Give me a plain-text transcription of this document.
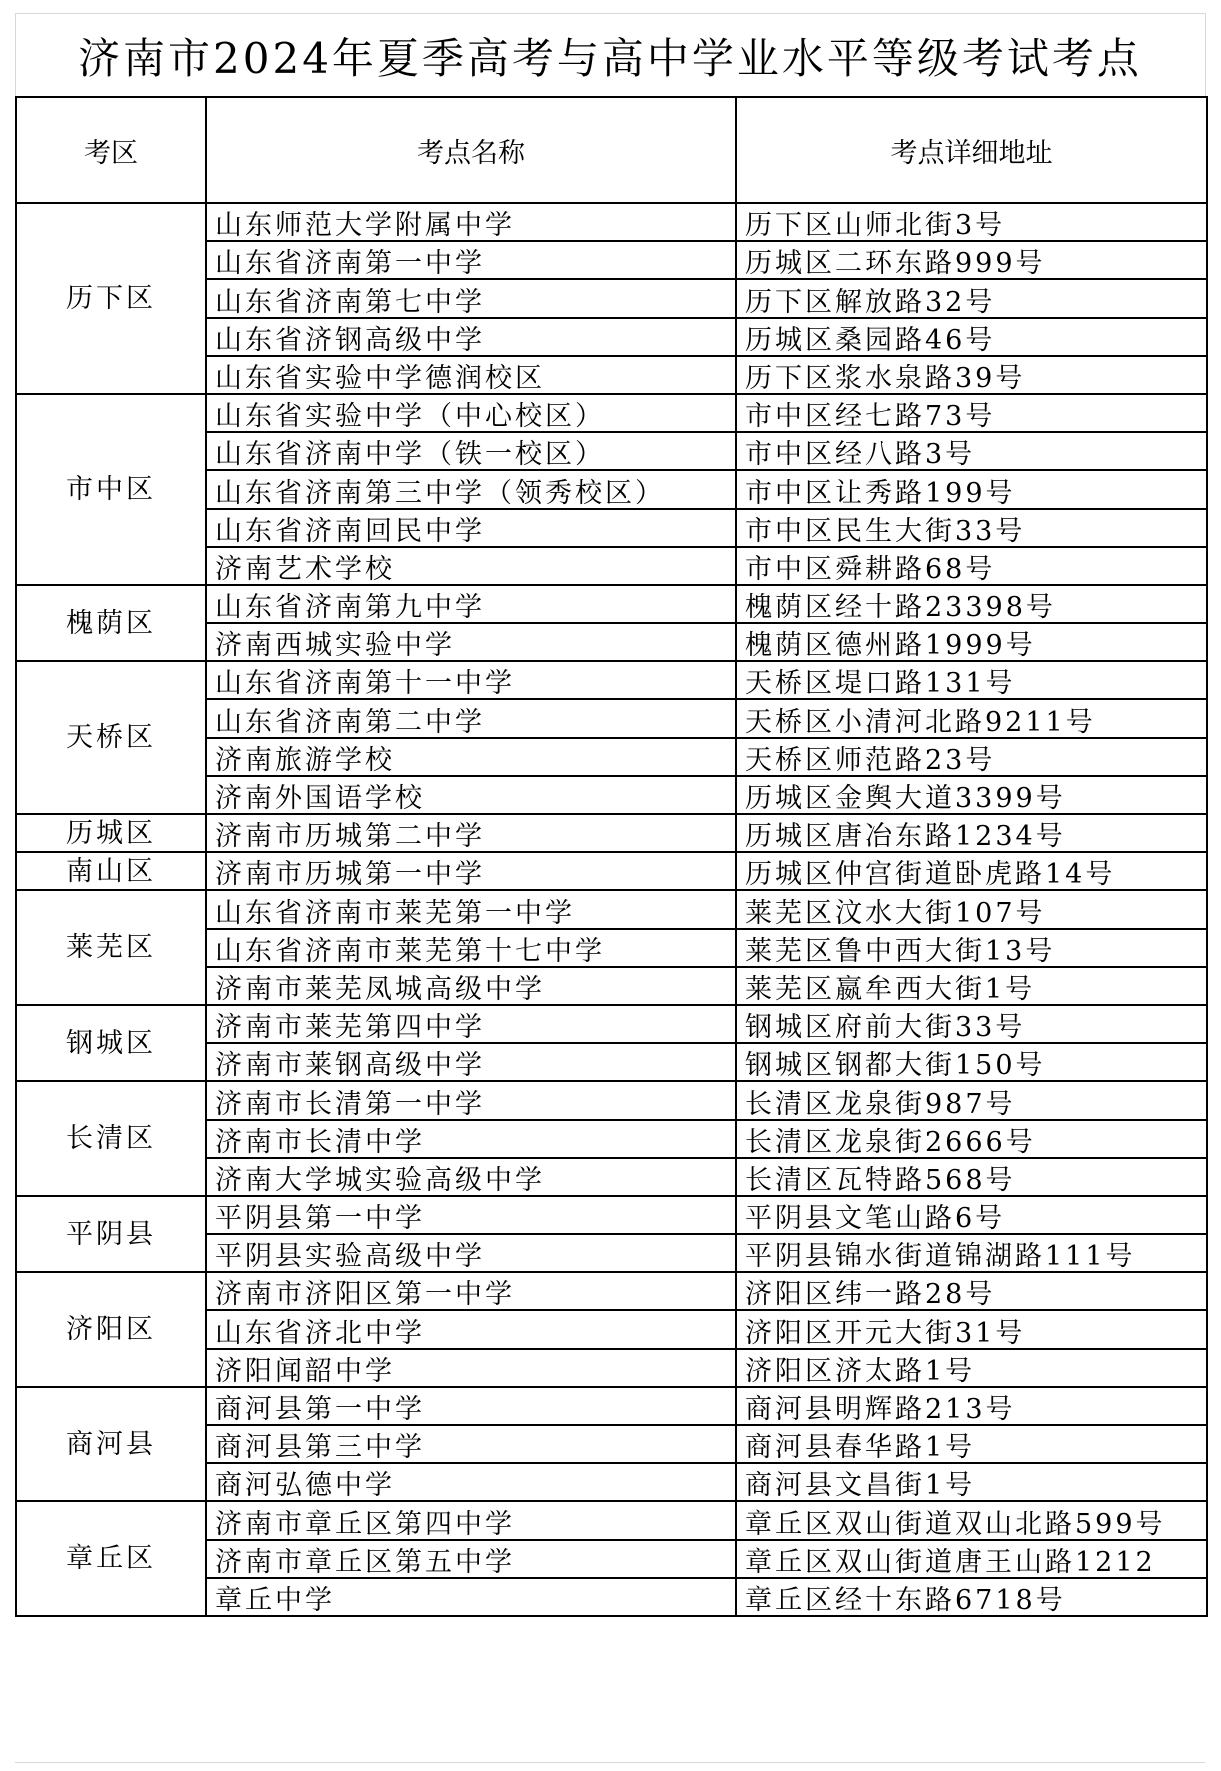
济南市2024年夏季高考与高中学业水平等级考试考点
考区	考点名称	考点详细地址
历下区	山东师范大学附属中学	历下区山师北街3号
	山东省济南第一中学	历城区二环东路999号
	山东省济南第七中学	历下区解放路32号
	山东省济钢高级中学	历城区桑园路46号
	山东省实验中学德润校区	历下区浆水泉路39号
市中区	山东省实验中学（中心校区）	市中区经七路73号
	山东省济南中学（铁一校区）	市中区经八路3号
	山东省济南第三中学（领秀校区）	市中区让秀路199号
	山东省济南回民中学	市中区民生大街33号
	济南艺术学校	市中区舜耕路68号
槐荫区	山东省济南第九中学	槐荫区经十路23398号
	济南西城实验中学	槐荫区德州路1999号
天桥区	山东省济南第十一中学	天桥区堤口路131号
	山东省济南第二中学	天桥区小清河北路9211号
	济南旅游学校	天桥区师范路23号
	济南外国语学校	历城区金舆大道3399号
历城区	济南市历城第二中学	历城区唐冶东路1234号
南山区	济南市历城第一中学	历城区仲宫街道卧虎路14号
莱芜区	山东省济南市莱芜第一中学	莱芜区汶水大街107号
	山东省济南市莱芜第十七中学	莱芜区鲁中西大街13号
	济南市莱芜凤城高级中学	莱芜区嬴牟西大街1号
钢城区	济南市莱芜第四中学	钢城区府前大街33号
	济南市莱钢高级中学	钢城区钢都大街150号
长清区	济南市长清第一中学	长清区龙泉街987号
	济南市长清中学	长清区龙泉街2666号
	济南大学城实验高级中学	长清区瓦特路568号
平阴县	平阴县第一中学	平阴县文笔山路6号
	平阴县实验高级中学	平阴县锦水街道锦湖路111号
济阳区	济南市济阳区第一中学	济阳区纬一路28号
	山东省济北中学	济阳区开元大街31号
	济阳闻韶中学	济阳区济太路1号
商河县	商河县第一中学	商河县明辉路213号
	商河县第三中学	商河县春华路1号
	商河弘德中学	商河县文昌街1号
章丘区	济南市章丘区第四中学	章丘区双山街道双山北路599号
	济南市章丘区第五中学	章丘区双山街道唐王山路1212
	章丘中学	章丘区经十东路6718号
